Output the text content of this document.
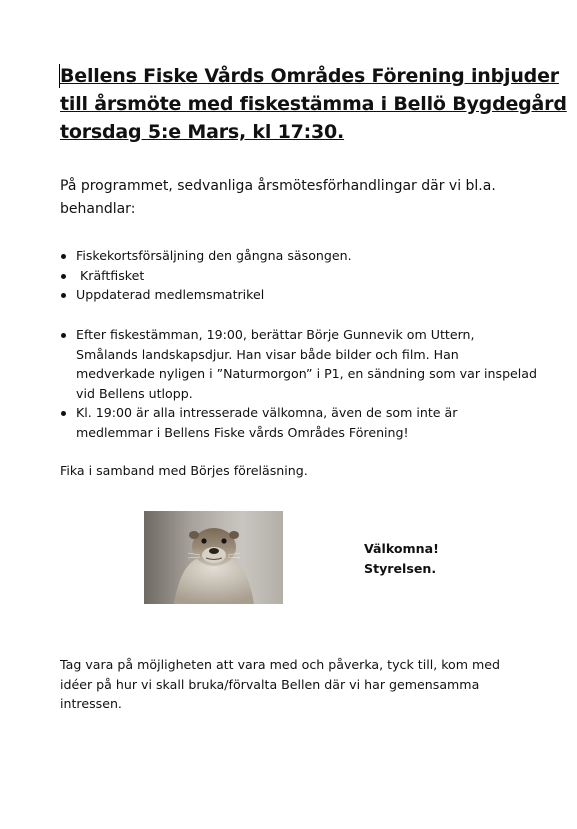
Bellens Fiske Vårds Områdes Förening inbjuder
till årsmöte med fiskestämma i Bellö Bygdegård
torsdag 5:e Mars, kl 17:30.

På programmet, sedvanliga årsmötesförhandlingar där vi bl.a.
behandlar:

Fiskekortsförsäljning den gångna säsongen.
Kräftfisket
Uppdaterad medlemsmatrikel
Efter fiskestämman, 19:00, berättar Börje Gunnevik om Uttern,
Smålands landskapsdjur. Han visar både bilder och film. Han
medverkade nyligen i ”Naturmorgon” i P1, en sändning som var inspelad
vid Bellens utlopp.
Kl. 19:00 är alla intresserade välkomna, även de som inte är
medlemmar i Bellens Fiske vårds Områdes Förening!

Fika i samband med Börjes föreläsning.

Välkomna!
Styrelsen.

Tag vara på möjligheten att vara med och påverka, tyck till, kom med
idéer på hur vi skall bruka/förvalta Bellen där vi har gemensamma
intressen.
